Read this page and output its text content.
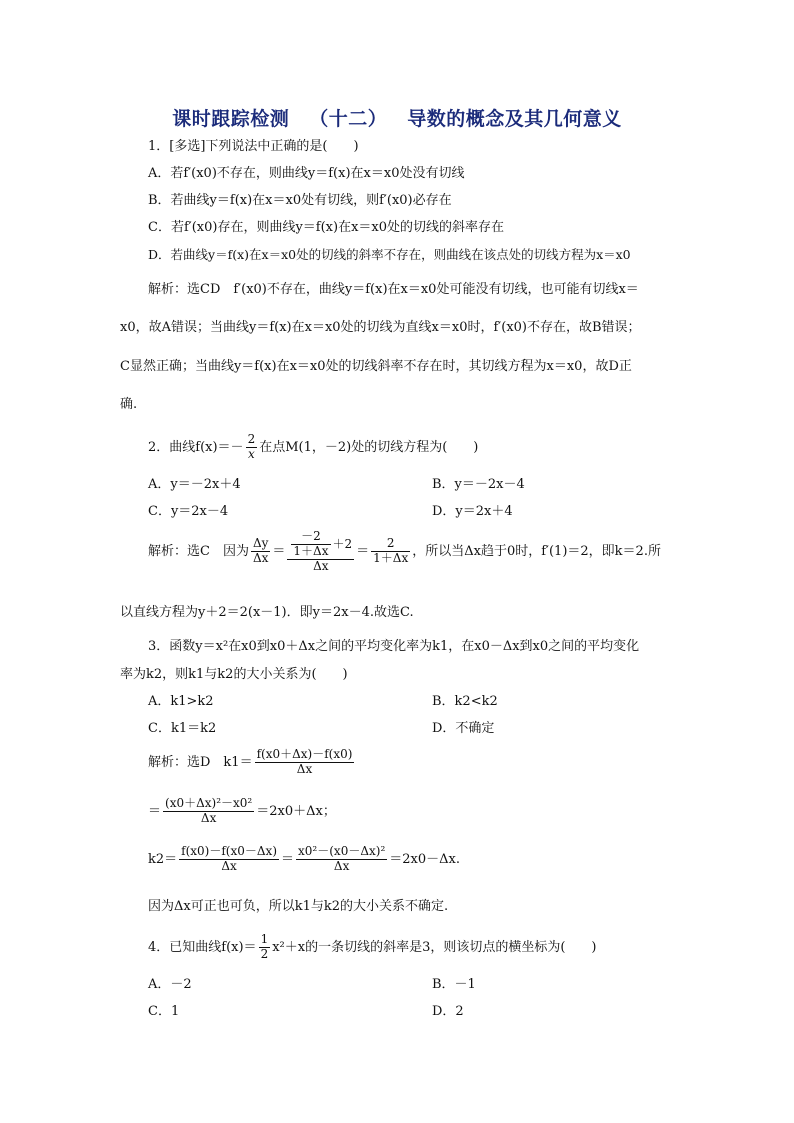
课时跟踪检测 （十二） 导数的概念及其几何意义
1．[多选]下列说法中正确的是(　　)
A．若f′(x0)不存在，则曲线y＝f(x)在x＝x0处没有切线
B．若曲线y＝f(x)在x＝x0处有切线，则f′(x0)必存在
C．若f′(x0)存在，则曲线y＝f(x)在x＝x0处的切线的斜率存在
D．若曲线y＝f(x)在x＝x0处的切线的斜率不存在，则曲线在该点处的切线方程为x＝x0
解析：选CD　f′(x0)不存在，曲线y＝f(x)在x＝x0处可能没有切线，也可能有切线x＝
x0，故A错误；当曲线y＝f(x)在x＝x0处的切线为直线x＝x0时，f′(x0)不存在，故B错误；
C显然正确；当曲线y＝f(x)在x＝x0处的切线斜率不存在时，其切线方程为x＝x0，故D正
确.
2．曲线$f(x)=- \frac{2}{x}$ 在点M(1，－2)处的切线方程为(　　)
A．y＝－2x＋4	B．y＝－2x－4
C．y＝2x－4	D．y＝2x＋4
解析：选C　因为 $\frac{\Delta y}{\Delta x} = \frac{\frac{-2}{1+\Delta x} +2}{\Delta x} = \frac{2}{1+\Delta x}$ ，所以当Δx趋于0时，f′(1)＝2，即k＝2.所
以直线方程为y＋2＝2(x－1)．即y＝2x－4.故选C.
3．函数y＝x²在x0到x0＋Δx之间的平均变化率为k1，在x0－Δx到x0之间的平均变化
率为k2，则k1与k2的大小关系为(　　)
A．k1>k2	B．k2<k2
C．k1＝k2	D．不确定
解析：选D　$k1= \frac{f(x0+\Delta x)-f(x0)}{\Delta x}$
＝ $\frac{\text{(x0＋Δx)²－x0²}}{\Delta x} =2x0+\Delta x$；
$k2= \frac{f(x0)-f(x0-\Delta x)}{\Delta x} = \frac{\text{x0²－(x0－Δx)²}}{\Delta x} =2x0-\Delta x$.
因为Δx可正也可负，所以k1与k2的大小关系不确定.
4．已知曲线$f(x)= \frac{1}{2} x^2+x$的一条切线的斜率是3，则该切点的横坐标为(　　)
A．－2	B．－1
C．1	D．2
